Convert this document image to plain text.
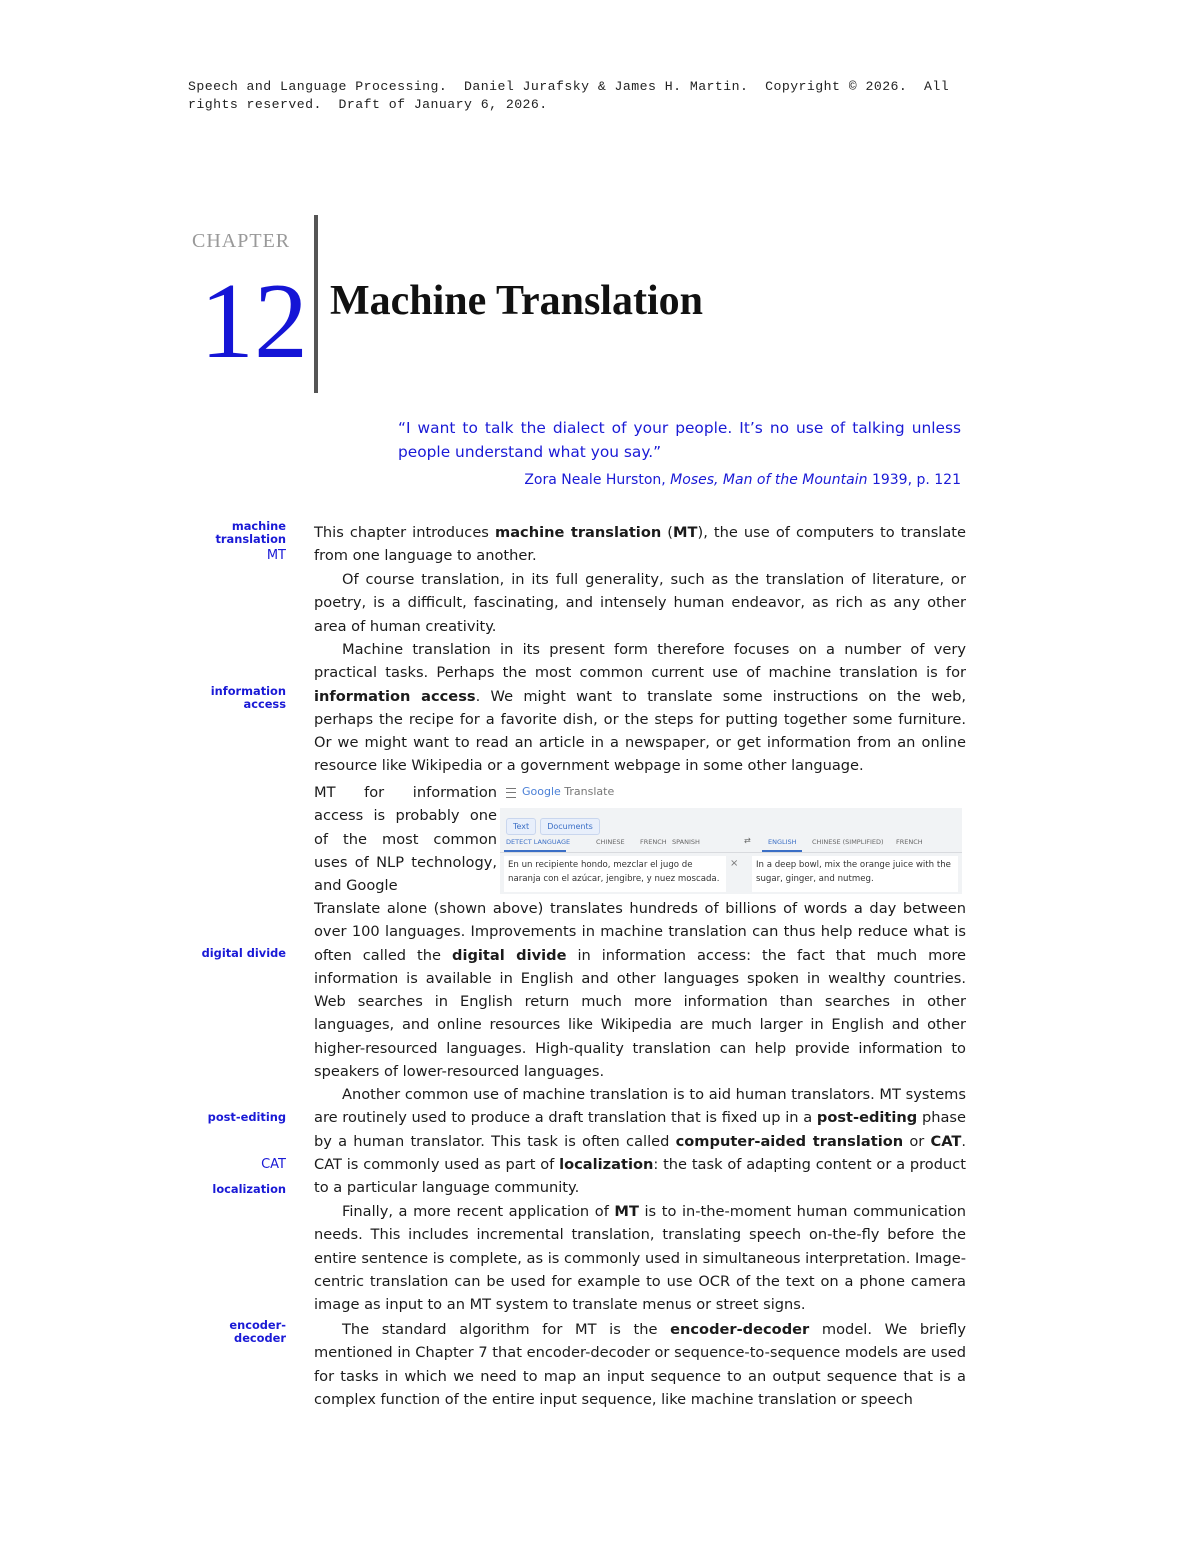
Speech and Language Processing.  Daniel Jurafsky & James H. Martin.  Copyright © 2026.  All
rights reserved.  Draft of January 6, 2026.
CHAPTER
12 Machine Translation
“I want to talk the dialect of your people. It’s no use of talking unless people understand what you say.”
Zora Neale Hurston, Moses, Man of the Mountain 1939, p. 121
machine translation
MT
information access
digital divide
post-editing
CAT
localization
encoder-decoder
This chapter introduces machine translation (MT), the use of computers to translate from one language to another.
Of course translation, in its full generality, such as the translation of literature, or poetry, is a difficult, fascinating, and intensely human endeavor, as rich as any other area of human creativity.
Machine translation in its present form therefore focuses on a number of very practical tasks. Perhaps the most common current use of machine translation is for information access. We might want to translate some instructions on the web, perhaps the recipe for a favorite dish, or the steps for putting together some furniture. Or we might want to read an article in a newspaper, or get information from an online resource like Wikipedia or a government webpage in some other language.
MT for information access is probably one of the most common uses of NLP technology, and Google
Google Translate
Text Documents
DETECT LANGUAGE	CHINESE FRENCH SPANISH	⇄	ENGLISH CHINESE (SIMPLIFIED) FRENCH
En un recipiente hondo, mezclar el jugo de naranja con el azúcar, jengibre, y nuez moscada.
×	In a deep bowl, mix the orange juice with the sugar, ginger, and nutmeg.
Translate alone (shown above) translates hundreds of billions of words a day between over 100 languages. Improvements in machine translation can thus help reduce what is often called the digital divide in information access: the fact that much more information is available in English and other languages spoken in wealthy countries. Web searches in English return much more information than searches in other languages, and online resources like Wikipedia are much larger in English and other higher-resourced languages. High-quality translation can help provide information to speakers of lower-resourced languages.
Another common use of machine translation is to aid human translators. MT systems are routinely used to produce a draft translation that is fixed up in a post-editing phase by a human translator. This task is often called computer-aided translation or CAT. CAT is commonly used as part of localization: the task of adapting content or a product to a particular language community.
Finally, a more recent application of MT is to in-the-moment human communication needs. This includes incremental translation, translating speech on-the-fly before the entire sentence is complete, as is commonly used in simultaneous interpretation. Image-centric translation can be used for example to use OCR of the text on a phone camera image as input to an MT system to translate menus or street signs.
The standard algorithm for MT is the encoder-decoder model. We briefly mentioned in Chapter 7 that encoder-decoder or sequence-to-sequence models are used for tasks in which we need to map an input sequence to an output sequence that is a complex function of the entire input sequence, like machine translation or speech
